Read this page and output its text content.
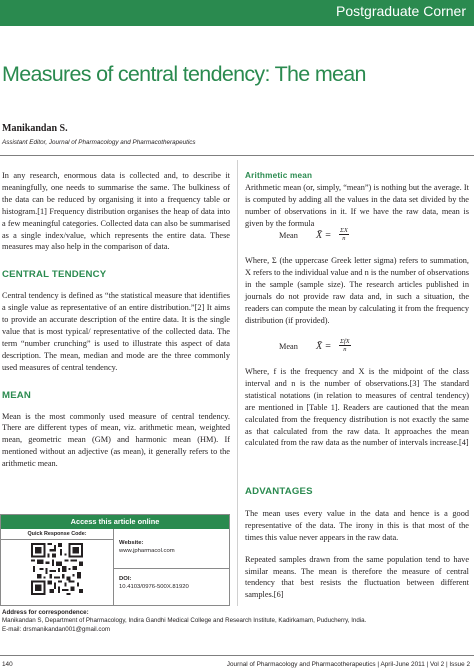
Postgraduate Corner
Measures of central tendency: The mean
Manikandan S.
Assistant Editor, Journal of Pharmacology and Pharmacotherapeutics

In any research, enormous data is collected and, to describe it meaningfully, one needs to summarise the same. The bulkiness of the data can be reduced by organising it into a frequency table or histogram.[1] Frequency distribution organises the heap of data into a few meaningful categories. Collected data can also be summarised as a single index/value, which represents the entire data. These measures may also help in the comparison of data.

CENTRAL TENDENCY

Central tendency is defined as “the statistical measure that identifies a single value as representative of an entire distribution.”[2] It aims to provide an accurate description of the entire data. It is the single value that is most typical/ representative of the collected data. The term “number crunching” is used to illustrate this aspect of data description. The mean, median and mode are the three commonly used measures of central tendency.

MEAN

Mean is the most commonly used measure of central tendency. There are different types of mean, viz. arithmetic mean, weighted mean, geometric mean (GM) and harmonic mean (HM). If mentioned without an adjective (as mean), it generally refers to the arithmetic mean.

Access this article online
Quick Response Code:
Website:
www.jpharmacol.com
DOI:
10.4103/0976-500X.81920
Arithmetic mean

Arithmetic mean (or, simply, “mean”) is nothing but the average. It is computed by adding all the values in the data set divided by the number of observations in it. If we have the raw data, mean is given by the formula

Mean X̄ = $\frac{\Sigma X}{n}$

Where, Σ (the uppercase Greek letter sigma) refers to summation, X refers to the individual value and n is the number of observations in the sample (sample size). The research articles published in journals do not provide raw data and, in such a situation, the readers can compute the mean by calculating it from the frequency distribution (if provided).

Mean X̄ = ΣfX
n

Where, f is the frequency and X is the midpoint of the class interval and n is the number of observations.[3] The standard statistical notations (in relation to measures of central tendency) are mentioned in [Table 1]. Readers are cautioned that the mean calculated from the frequency distribution is not exactly the same as that calculated from the raw data. It approaches the mean calculated from the raw data as the number of intervals increase.[4]

ADVANTAGES

The mean uses every value in the data and hence is a good representative of the data. The irony in this is that most of the times this value never appears in the raw data.

Repeated samples drawn from the same population tend to have similar means. The mean is therefore the measure of central tendency that best resists the fluctuation between different samples.[6]

Address for correspondence:
Manikandan S, Department of Pharmacology, Indira Gandhi Medical College and Research Institute, Kadirkamam, Puducherry, India.
E-mail: drsmanikandan001@gmail.com
140	Journal of Pharmacology and Pharmacotherapeutics | April-June 2011 | Vol 2 | Issue 2
